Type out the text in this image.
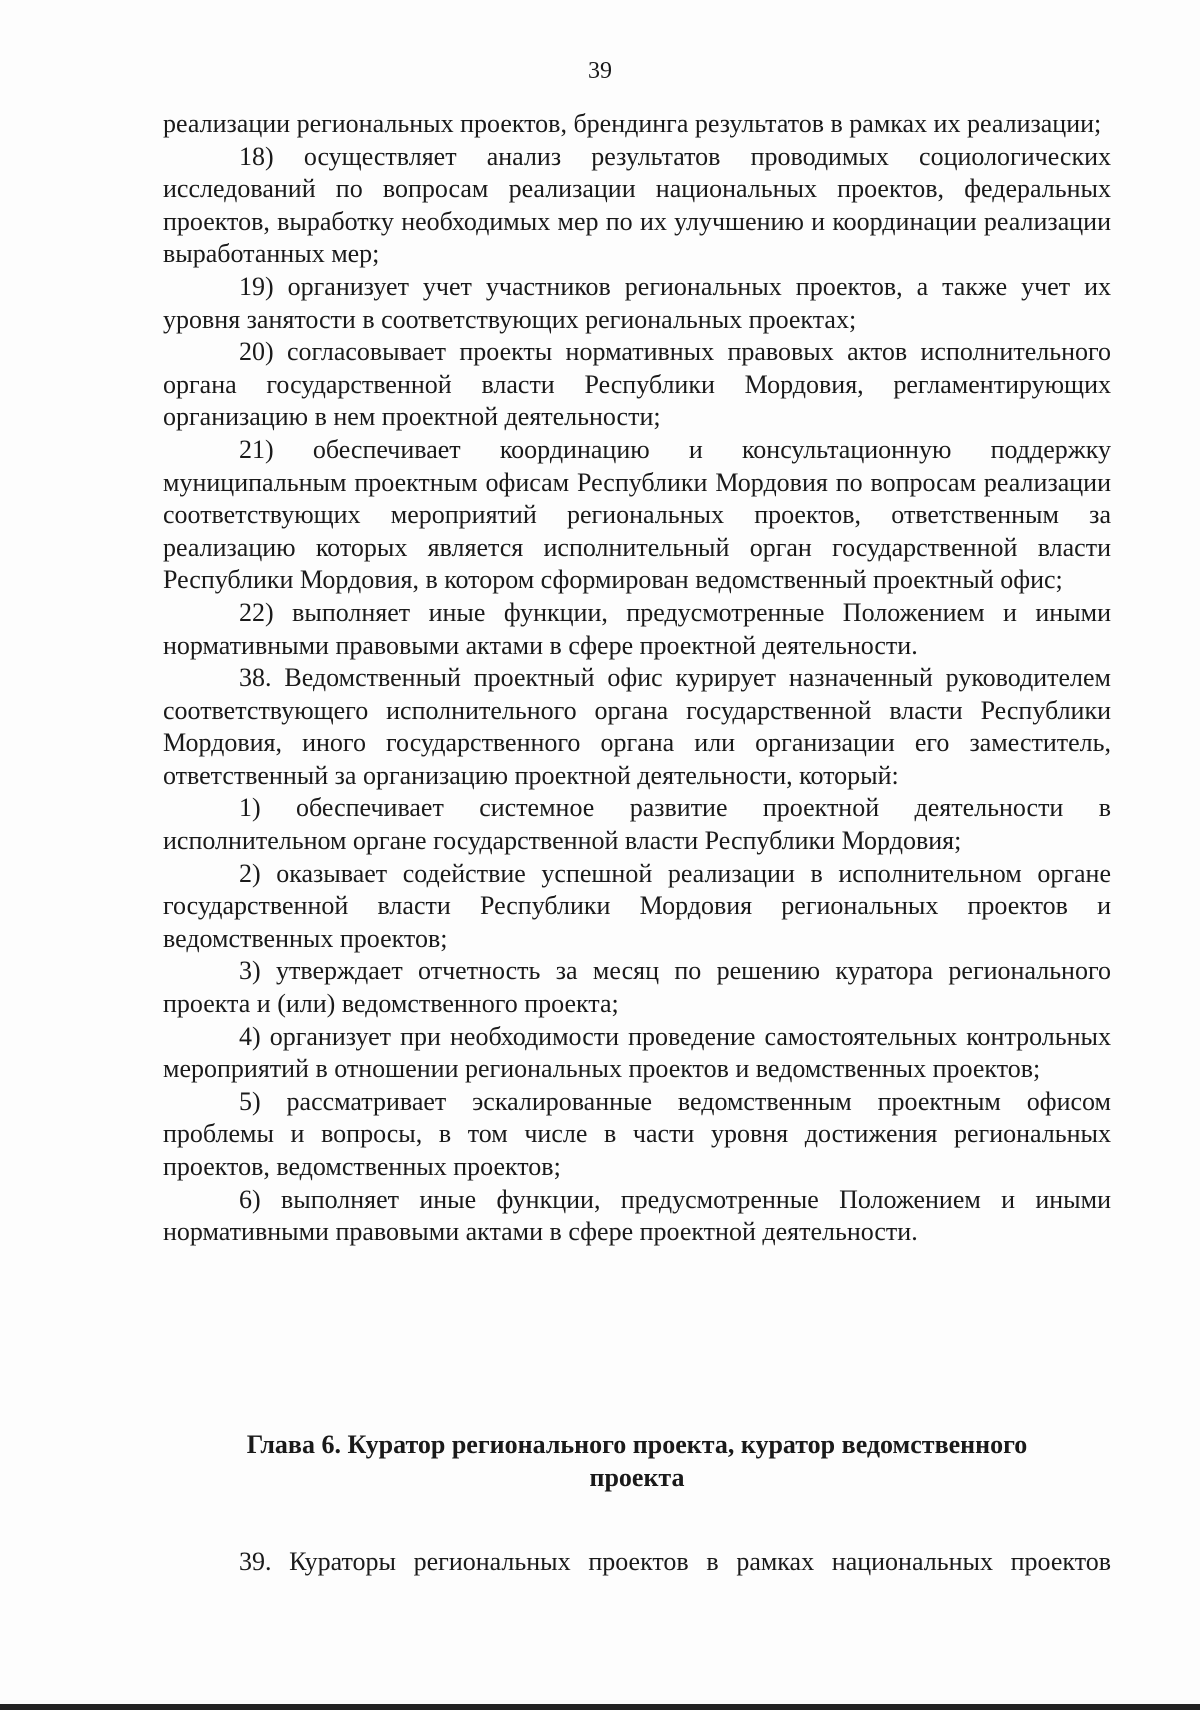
39

реализации региональных проектов, брендинга результатов в рамках их реализации;

18) осуществляет анализ результатов проводимых социологических исследований по вопросам реализации национальных проектов, федеральных проектов, выработку необходимых мер по их улучшению и координации реализации выработанных мер;

19) организует учет участников региональных проектов, а также учет их уровня занятости в соответствующих региональных проектах;

20) согласовывает проекты нормативных правовых актов исполнительного органа государственной власти Республики Мордовия, регламентирующих организацию в нем проектной деятельности;

21) обеспечивает координацию и консультационную поддержку муниципальным проектным офисам Республики Мордовия по вопросам реализации соответствующих мероприятий региональных проектов, ответственным за реализацию которых является исполнительный орган государственной власти Республики Мордовия, в котором сформирован ведомственный проектный офис;

22) выполняет иные функции, предусмотренные Положением и иными нормативными правовыми актами в сфере проектной деятельности.

38. Ведомственный проектный офис курирует назначенный руководителем соответствующего исполнительного органа государственной власти Республики Мордовия, иного государственного органа или организации его заместитель, ответственный за организацию проектной деятельности, который:

1) обеспечивает системное развитие проектной деятельности в исполнительном органе государственной власти Республики Мордовия;

2) оказывает содействие успешной реализации в исполнительном органе государственной власти Республики Мордовия региональных проектов и ведомственных проектов;

3) утверждает отчетность за месяц по решению куратора регионального проекта и (или) ведомственного проекта;

4) организует при необходимости проведение самостоятельных контрольных мероприятий в отношении региональных проектов и ведомственных проектов;

5) рассматривает эскалированные ведомственным проектным офисом проблемы и вопросы, в том числе в части уровня достижения региональных проектов, ведомственных проектов;

6) выполняет иные функции, предусмотренные Положением и иными нормативными правовыми актами в сфере проектной деятельности.

Глава 6. Куратор регионального проекта, куратор ведомственного
проекта
39. Кураторы региональных проектов в рамках национальных проектов
